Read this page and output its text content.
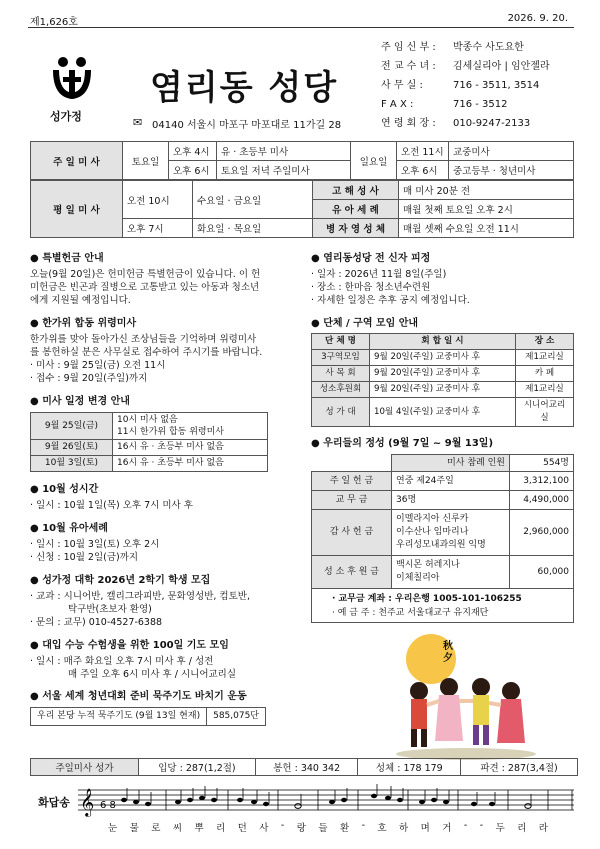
제1,626호	2026. 9. 20.
성가정
염리동 성당
✉ 04140 서울시 마포구 마포대로 11가길 28
주 임 신 부 : 박종수 사도요한
전 교 수 녀 : 김세실리아 | 임안젤라
사 무 실 :	716 - 3511, 3514
F A X :	716 - 3512
연 령 회 장 : 010-9247-2133
주 일 미 사	토요일	오후 4시	유 · 초등부 미사	일요일	오전 11시	교중미사
		오후 6시	토요일 저녁 주일미사		오후 6시	중고등부 · 청년미사
평 일 미 사	오전 10시	수요일 · 금요일	고 해 성 사	매 미사 20분 전
			유 아 세 례	매월 첫째 토요일 오후 2시
	오후 7시	화요일 · 목요일	병 자 영 성 체	매월 셋째 수요일 오전 11시
● 특별헌금 안내
오늘(9월 20일)은 헌미헌금 특별헌금이 있습니다. 이 헌
미헌금은 빈곤과 질병으로 고통받고 있는 아동과 청소년
에게 지원될 예정입니다.
● 한가위 합동 위령미사
한가위를 맞아 돌아가신 조상님들을 기억하며 위령미사
를 봉헌하실 분은 사무실로 접수하여 주시기를 바랍니다.
· 미사 : 9월 25일(금) 오전 11시
· 접수 : 9월 20일(주일)까지
● 미사 일정 변경 안내
9월 25일(금)	10시 미사 없음
11시 한가위 합동 위령미사

9월 26일(토)	16시 유 · 초등부 미사 없음
10월 3일(토)	16시 유 · 초등부 미사 없음
● 10월 성시간
· 일시 : 10월 1일(목) 오후 7시 미사 후
● 10월 유아세례
· 일시 : 10월 3일(토) 오후 2시
· 신청 : 10월 2일(금)까지
● 성가정 대학 2026년 2학기 학생 모집
· 교과 : 시니어반, 캘리그라피반, 문화영성반, 컴토반,
탁구반(초보자 환영)
· 문의 : 교무) 010-4527-6388
● 대입 수능 수험생을 위한 100일 기도 모임
· 일시 : 매주 화요일 오후 7시 미사 후 / 성전
매 주일 오후 6시 미사 후 / 시니어교리실
● 서울 세계 청년대회 준비 묵주기도 바치기 운동
우리 본당 누적 묵주기도 (9월 13일 현재)	585,075단
● 염리동성당 전 신자 피정
· 일자 : 2026년 11월 8일(주일)
· 장소 : 한마음 청소년수련원
· 자세한 일정은 추후 공지 예정입니다.
● 단체 / 구역 모임 안내
단 체 명	회 합 일 시	장 소
3구역모임	9월 20일(주일) 교중미사 후	제1교리실
사 목 회	9월 20일(주일) 교중미사 후	카 페
성소후원회	9월 20일(주일) 교중미사 후	제1교리실
성 가 대	10월 4일(주일) 교중미사 후	시니어교리실
● 우리들의 정성 (9월 7일 ~ 9월 13일)
	미사 참례 인원	554명
주 일 헌 금	연중 제24주일	3,312,100
교 무 금	36명	4,490,000
감 사 헌 금	이멜라지아 신루카
이수산나 임마리나
우리성모내과의원 익명	2,960,000
성 소 후 원 금	백시몬 허레지나
이체칠리아	60,000

· 교무금 계좌 : 우리은행 1005-101-106255
· 예 금 주 : 천주교 서울대교구 유지재단		
秋夕
주일미사 성가	입당 : 287(1,2절)	봉헌 : 340 342	성체 : 178 179	파견 : 287(3,4절)
화답송 𝄞 6 8
눈 물 로 씨 뿌 리 던 사 - 랑 들 환 - 호 하 며 거 - - 두 리 라
